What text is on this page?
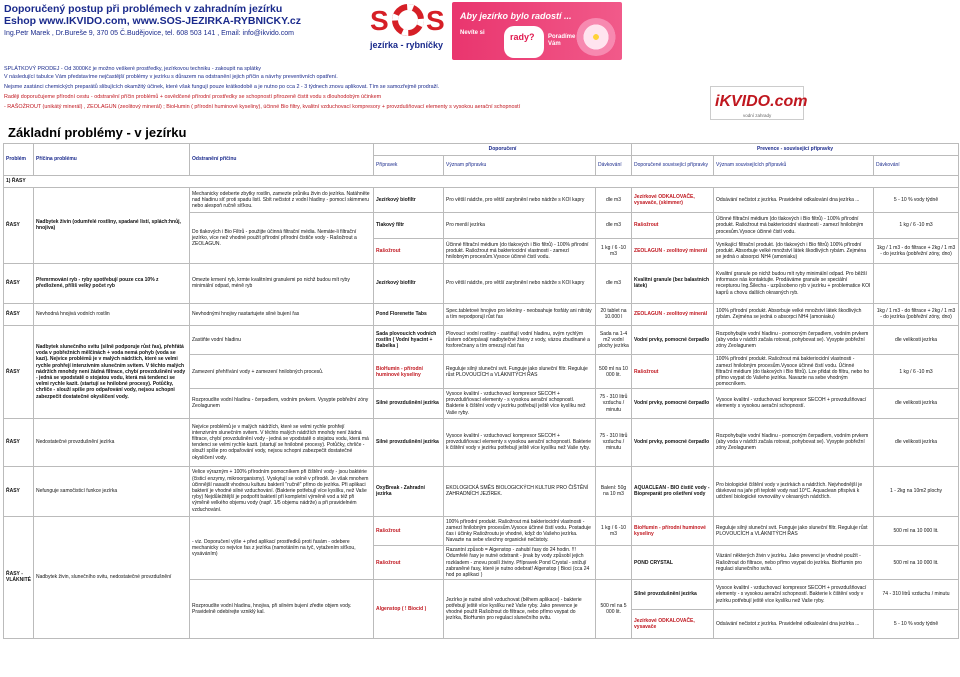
Doporučený postup při problémech v zahradním jezírku
Eshop www.IKVIDO.com, www.SOS-JEZIRKA-RYBNICKY.cz
Ing.Petr Marek , Dr.Bureše 9, 370 05 Č.Budějovice, tel. 608 503 141 , Email: info@ikvido.com	S S
jezírka - rybníčky
Aby jezírko bylo radostí ...
Nevíte si	rady? Poradíme Vám
SPLÁTKOVÝ PRODEJ - Od 3000Kč je možno veškeré prostředky, jezírkovou techniku - zakoupit na splátky
V následující tabulce Vám představíme nejčastější problémy v jezírku s důrazem na odstranění jejich příčin a návrhy preventivních opatření.
Nejsme zastánci chemických preparátů slibujících okamžitý účinek, které však fungují pouze krátkodobě a je nutno po cca 2 - 3 týdnech znovu aplikovat. Tím se samozřejmě prodraží.
Raději doporučujeme přírodní cestu - odstranění příčin problémů + osvědčené přírodní prostředky se schopností přirozeně čistit vodu s dlouhodobým účinkem
- RAŠOŽROUT (unikátý minerál) , ZEOLAGUN (zeolitový minerál) ; BioHumin ( přírodní huminové kyseliny), účinné Bio filtry, kvalitní vzduchovací kompresory + provzdušňovací elementy s vysokou aerační schopností	iKVIDO.com
vodní zahrady
Základní problémy - v jezírku
Problém	Příčina problému	Odstranění příčinu	Doporučení			Prevence - související přípravky		
			Přípravek	Význam přípravku	Dávkování	Doporučené související přípravky	Význam souvisejících přípravků	Dávkování
1) ŘASY								
ŘASY	Nadbytek živin (odumřelé rostliny, spadané listí, splách:hnůj, hnojiva)	Mechanicky odeberte zbytky rostlin, zamezte průniku živin do jezírka. Natáhněte nad hladinu síť proti spadu listí. Sbít nečistot z vodní hladiny - pomocí skimmeru nebo alespoň ručně síťkou.	Jezírkový biofiltr	Pro větší nádrže, pro větší zarybnění nebo nádrže s KOI kapry	dle m3	Jezírkové ODKALOVAČE, vysavače, (skimmer)	Odsávání nečistot z jezírka. Pravidelné odkalování dna jezírka ...	5 - 10 % vody týdně
		Do tlakových i Bio Filtrů - použijte účinná filtrační média. Nemáte-li filtrační jezírko, více než vhodné použít přírodní přírodní čističe vody - Rašožrout a ZEOLAGUN.	Tlakový filtr	Pro menší jezírka	dle m3	Rašožrout	Účinné filtrační médium (do tlakových i Bio filtrů) - 100% přírodní produkt. Rašožrout má bakteriocidní vlastnosti - zamezí hnilobným procesům.Vysoce účinné čistí vodu.	1 kg / 6 -10 m3
			Rašožrout	Účinné filtrační médium (do tlakových i Bio filtrů) - 100% přírodní produkt. Rašožrout má bakteriocidní vlastnosti - zamezí hnilobným procesům.Vysoce účinné čistí vodu.	1 kg / 6 -10 m3	ZEOLAGUN - zeolitový minerál	Vynikající filtrační produkt. (do tlakových i Bio filtrů) 100% přírodní produkt. Absorbuje velké množství látek škodlivých rybám. Zejména se jedná o absorpci NH4 (amoniaku)	1kg / 1 m3 - do filtrace + 2kg / 1 m3 - do jezírka (pobřežní zóny, dno)
ŘASY	Přemrmování ryb - ryby spotřebují pouze cca 10% z předložené, příliš velký počet ryb	Omezte krmení ryb, krmte kvalitními granulemi po nichž budou mít ryby minimální odpad, méně ryb	Jezírkový biofiltr	Pro větší nádrže, pro větší zarybnění nebo nádrže s KOI kapry	dle m3	Kvalitní granule (bez balastních látek)	Kvalitní granule po nichž budou mít ryby minimální odpad. Pro běžší informace nás kontaktujte. Prodáváme granule se speciální recepturou Ing.Šilecha - uzpůsobeno ryb v jezírku + problematice KOI kaprů a chovu dalších okrasných ryb.	
ŘASY	Nevhodná hnojivá vodních rostlin	Nevhodnými hnojivy nastartujete silné bujení řas	Pond Florenette Tabs	Spec.tabletové hnojivo pro lekníny - neobsahuje fosfáty ani nitráty a tím nepodporují růst řas	20 tablet na 10.000 l	ZEOLAGUN - zeolitový minerál	100% přírodní produkt. Absorbuje velké množství látek škodlivých rybám. Zejména se jedná o absorpci NH4 (amoniaku)	1kg / 1 m3 - do filtrace + 2kg / 1 m3 - do jezírka (pobřežní zóny, dno)
ŘASY	Nadbytek slunečního svitu (silně podporuje růst řas), přehřátá voda v pobřežních mělčinách + voda nemá pohyb (voda se kazí). Nejvíce problémů je v malých nádržích, které se velmi rychle prohřejí intenzivním slunečním svitem. V těchto malých nádržích mnohdy není žádná filtrace, chybí provzdušnění vody - jedná se vpodstatě o stojatou vodu, která má tendenci se velmi rychle kazit. (startují se hnilobné procesy). Potůčky, chrliče - slouží spíše pro odpařování vody, nejsou schopni zabezpečit dostatečné okysličení vody.	Zastiňte vodní hladinu	Sada plovoucích vodních rostlin ( Vodní hyacint + Babelka )	Plovoucí vodní rostliny - zastiňují vodní hladinu, svým rychlým růstem odčerpávají nadbytečné živiny z vody, vázou zbudinané a fosforečnany a tím omezují růst řas	Sada na 1-4 m2 vodní plochy jezírka	Vodní prvky, pomocné čerpadlo	Rozpohybujte vodní hladinu - pomocným čerpadlem, vodním prvkem (aby voda v nádrži začala rotovat, pohybovat se). Vysypte pobřežní zóny Zeolagunem	dle velikosti jezírka
		Zamezení přehřívání vody + zamezení hnilobných procesů.	BioHumin - přírodní huminové kyseliny	Reguluje silný sluneční svit. Funguje jako sluneční filtr. Reguluje růst PLOVOUCÍCH a VLÁKNITÝCH ŘAS	500 ml na 10 000 lit.	Rašožrout	100% přírodní produkt. Rašožrout má bakteriocidní vlastnosti - zamezí hnilobným procesům.Vysoce účinné čistí vodu. Účinné filtrační médium (do tlakových i Bio filtrů). Lze přidat do filtru, nebo ho přímo vsypat do Vašeho jezírka. Navazte na sebe vhodným pomocníkem.	1 kg / 6 -10 m3
		Rozproudíte vodní hladinu - čerpadlem, vodním prvkem. Vysypte pobřežní zóny Zeolagunem	Silné provzdušnění jezírka	Vysoce kvalitní - vzduchovací kompresor SECOH + provzdušňovací elementy - s vysokou aerační schopností. Bakterie k čištění vody v jezírku potřebují ještě více kyslíku než Vaše ryby.	75 - 310 litrů vzduchu / minutu	Vodní prvky, pomocné čerpadlo	Vysoce kvalitní - vzduchovací kompresor SECOH + provzdušňovací elementy s vysokou aerační schopností.	dle velikosti jezírka
ŘASY	Nedostatečné provzdušnění jezírka	Nejvíce problémů je v malých nádržích, které se velmi rychle prohřejí intenzivním slunečním svitem. V těchto malých nádržích mnohdy není žádná filtrace, chybí provzdušnění vody - jedná se vpodstatě o stojatou vodu, která má tendenci se velmi rychle kazit. (startují se hnilobné procesy). Potůčky, chrliče - slouží spíše pro odpařování vody, nejsou schopni zabezpečit dostatečné okysličení vody.	Silné provzdušnění jezírka	Vysoce kvalitní - vzduchovací kompresor SECOH + provzdušňovací elementy s vysokou aerační schopností. Bakterie k čištění vody v jezírku potřebují ještě více kyslíku než Vaše ryby.	75 - 310 litrů vzduchu / minutu	Vodní prvky, pomocné čerpadlo	Rozpohybujte vodní hladinu - pomocným čerpadlem, vodním prvkem (aby voda v nádrži začala rotovat, pohybovat se). Vysypte pobřežní zóny Zeolagunem	dle velikosti jezírka
ŘASY	Nefunguje samočisticí funkce jezírka	Velice výrazným + 100% přírodním pomocníkem při čištění vody - jsou baktérie (čisticí enzymy, mikroorganismy). Vyskytují se volně v přírodě. Je však mnohem účinnější nasadit vhodnou kulturu bakterií "ručně" přímo do jezírka. Při aplikaci bakterií je vhodné silné vzduchování. (Bakterie potřebují více kyslíku, než Vaše ryby) Nejdůležitější je podpořit bakterií při kompletní výměně vod a též při výměně velkého objemu vody (např. 1/5 objemu nádrže) a při pravidelném vzduchování.	OxyBreak - Zahradní jezírka	EKOLOGICKÁ SMĚS BIOLOGICKÝCH KULTUR PRO ČIŠTĚNÍ ZAHRADNÍCH JEZÍREK.	Balení: 50g na 10 m3	AQUACLEAN - BIO čistič vody - Biopreparát pro ošetření vody	Pro biologické čištění vody v jezírkách a nádržích. Nejvhodnější je dávkovat na jaře při teplotě vody nad 10°C. Aquaclean přispívá k udržení biologické rovnováhy v okrasných nádržích.	1 - 2kg na 10m2 plochy
ŘASY - VLÁKNITÉ	Nadbytek živin, slunečního svitu, nedostatečné provzdušnění	- viz. Doporučení výše + před aplikací prostředků proti řasám - odebere mechanicky co nejvíce řas z jezírka (namotáním na tyč, vytažením síťkou, vysáváním)	Rašožrout	100% přírodní produkt. Rašožrout má bakteriocidní vlastnosti - zamezí hnilobným procesům.Vysoce účinné čistí vodu. Postaduje čas i účinky Rašožroutu je vhodné, když do Vašeho jezírka. Navazte na sebe všechny organické nečistoty.	1 kg / 6 -10 m3	BioHumin - přírodní huminové kyseliny	Reguluje silný sluneční svit. Funguje jako sluneční filtr. Reguluje růst PLOVOUCÍCH a VLÁKNITÝCH ŘAS	500 ml na 10 000 lit.
			Rašožrout	Razantní způsob = Algenstop - zahubí řasy do 24 hodin. !!! Odumřelé řasy je nutné odstranit - jinak by vody způsobí jejich rozkladem - znovu posilí živiny. Přípravek Pond Crystal - snižují zabraněné řasy, které je nutno odebrat! Algenstop ( Bioci (cca 24 hod po aplikaci )		POND CRYSTAL	Vázání některých živin v jezírku. Jako prevenci je vhodné použít - Rašožrout do filtrace, nebo přímo vsypat do jezírka. BioHumin pro regulaci slunečního svitu.	500 ml na 10 000 lit.
		Rozproudíte vodní hladinu, hnojiva, při silném bujení zředte objem vody. Pravidelně odebírejte vzniklý kal.	Algenstop ( ! Biocid )	Jezírko je nutné silně vzduchovat (během aplikace) - bakterie potřebují ještě více kyslíku než Vaše ryby. Jako prevence je vhodné použít Rašožrout do filtrace, nebo přímo vsypat do jezírka, BioHumin pro regulaci slunečního svitu.	500 ml na 5 000 lit.	Silné provzdušnění jezírka	Vysoce kvalitní - vzduchovací kompresor SECOH + provzdušňovací elementy - s vysokou aerační schopností. Bakterie k čištění vody v jezírku potřebují ještě více kyslíku než Vaše ryby.	74 - 310 litrů vzduchu / minutu
						Jezírkové ODKALOVAČE, vysavače	Odsávání nečistot z jezírka. Pravidelné odkalování dna jezírka ...	5 - 10 % vody týdně
